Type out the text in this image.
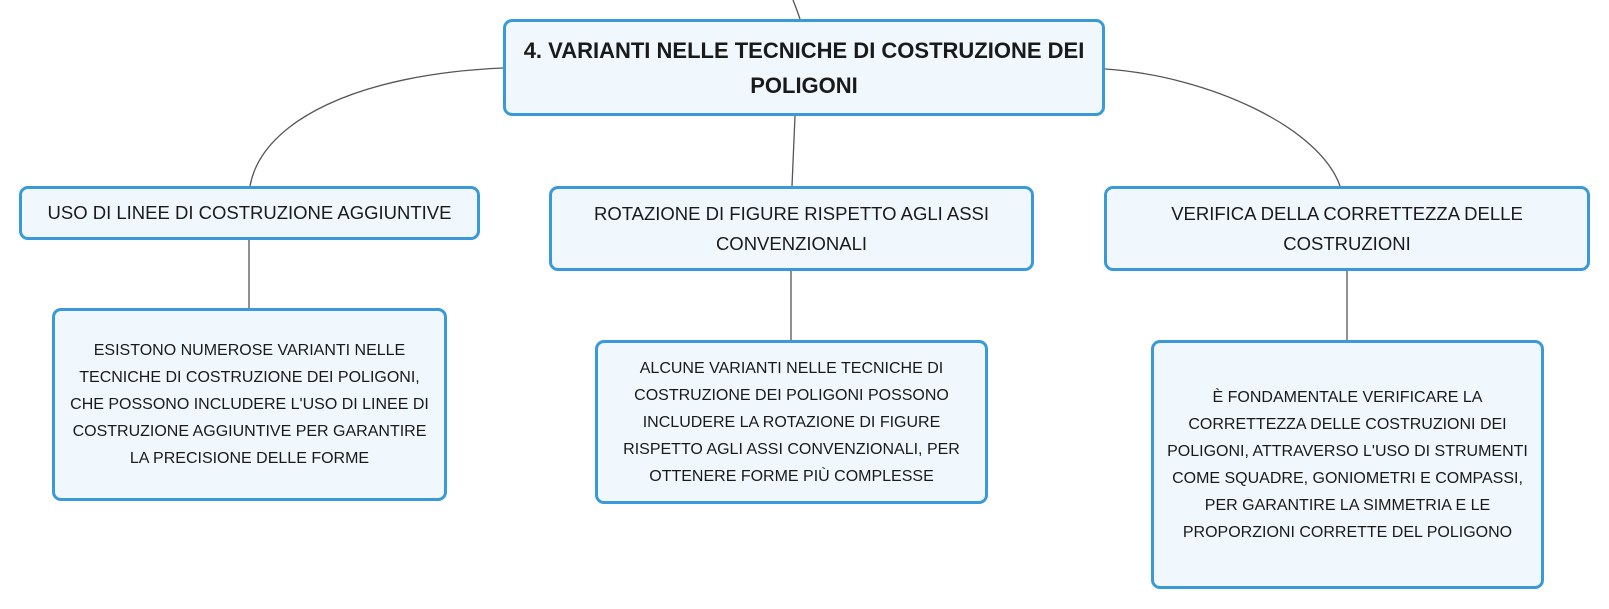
4. VARIANTI NELLE TECNICHE DI COSTRUZIONE DEI POLIGONI
USO DI LINEE DI COSTRUZIONE AGGIUNTIVE	ROTAZIONE DI FIGURE RISPETTO AGLI ASSI CONVENZIONALI
VERIFICA DELLA CORRETTEZZA DELLE COSTRUZIONI
ESISTONO NUMEROSE VARIANTI NELLE TECNICHE DI COSTRUZIONE DEI POLIGONI, CHE POSSONO INCLUDERE L'USO DI LINEE DI COSTRUZIONE AGGIUNTIVE PER GARANTIRE LA PRECISIONE DELLE FORME
ALCUNE VARIANTI NELLE TECNICHE DI COSTRUZIONE DEI POLIGONI POSSONO INCLUDERE LA ROTAZIONE DI FIGURE RISPETTO AGLI ASSI CONVENZIONALI, PER OTTENERE FORME PIÙ COMPLESSE
È FONDAMENTALE VERIFICARE LA CORRETTEZZA DELLE COSTRUZIONI DEI POLIGONI, ATTRAVERSO L'USO DI STRUMENTI COME SQUADRE, GONIOMETRI E COMPASSI, PER GARANTIRE LA SIMMETRIA E LE PROPORZIONI CORRETTE DEL POLIGONO
